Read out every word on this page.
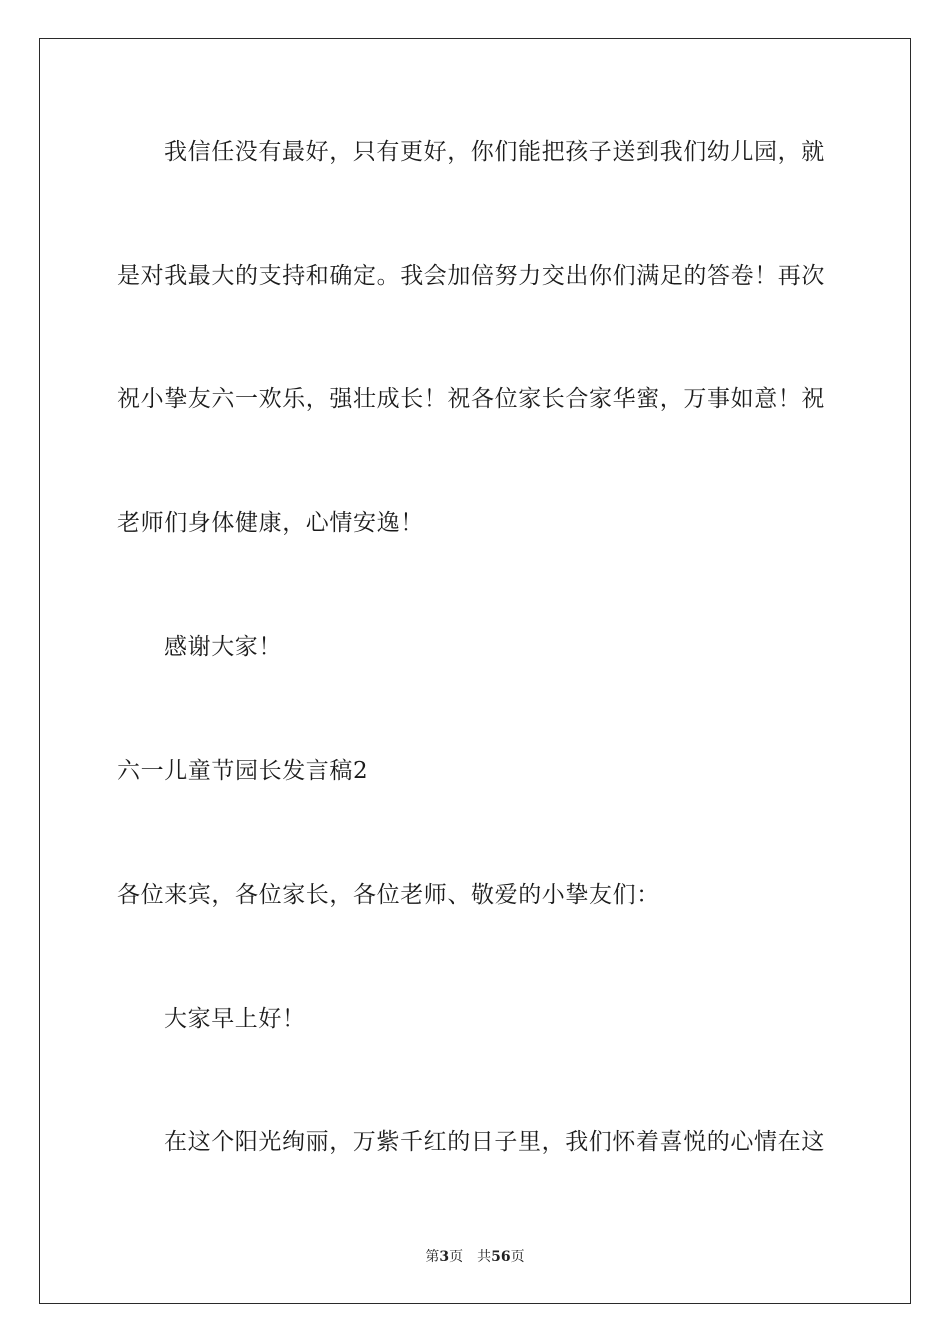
我信任没有最好，只有更好，你们能把孩子送到我们幼儿园，就
是对我最大的支持和确定。我会加倍努力交出你们满足的答卷！再次
祝小挚友六一欢乐，强壮成长！祝各位家长合家华蜜，万事如意！祝
老师们身体健康，心情安逸！
感谢大家！
六一儿童节园长发言稿2
各位来宾，各位家长，各位老师、敬爱的小挚友们：
大家早上好！
在这个阳光绚丽，万紫千红的日子里，我们怀着喜悦的心情在这
第3页 共56页
